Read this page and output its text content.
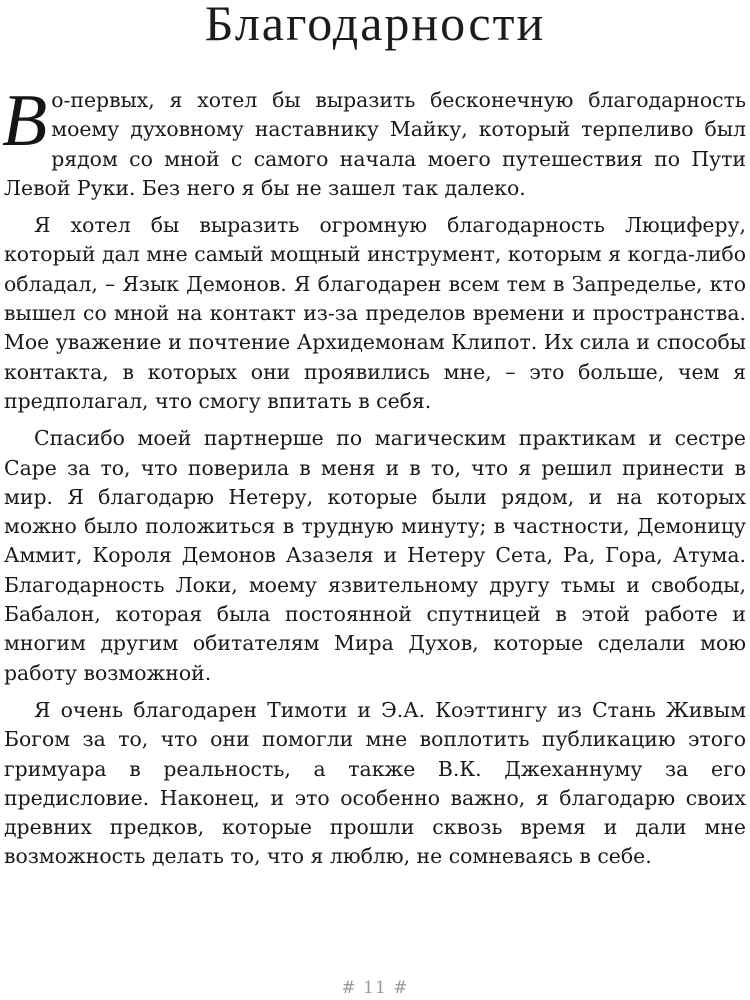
Благодарности

Во-первых, я хотел бы выразить бесконечную благодарность моему духовному наставнику Майку, который терпеливо был рядом со мной с самого начала моего путешествия по Пути Левой Руки. Без него я бы не зашел так далеко.

Я хотел бы выразить огромную благодарность Люциферу, который дал мне самый мощный инструмент, которым я когда-либо обладал, – Язык Демонов. Я благодарен всем тем в Запределье, кто вышел со мной на контакт из-за пределов времени и пространства. Мое уважение и почтение Архидемонам Клипот. Их сила и способы контакта, в которых они проявились мне, – это больше, чем я предполагал, что смогу впитать в себя.

Спасибо моей партнерше по магическим практикам и сестре Саре за то, что поверила в меня и в то, что я решил принести в мир. Я благодарю Нетеру, которые были рядом, и на которых можно было положиться в трудную минуту; в частности, Демоницу Аммит, Короля Демонов Азазеля и Нетеру Сета, Ра, Гора, Атума. Благодарность Локи, моему язвительному другу тьмы и свободы, Бабалон, которая была постоянной спутницей в этой работе и многим другим обитателям Мира Духов, которые сделали мою работу возможной.

Я очень благодарен Тимоти и Э.А. Коэттингу из Стань Живым Богом за то, что они помогли мне воплотить публикацию этого гримуара в реальность, а также В.К. Джеханнуму за его предисловие. Наконец, и это особенно важно, я благодарю своих древних предков, которые прошли сквозь время и дали мне возможность делать то, что я люблю, не сомневаясь в себе.

# 11 #
